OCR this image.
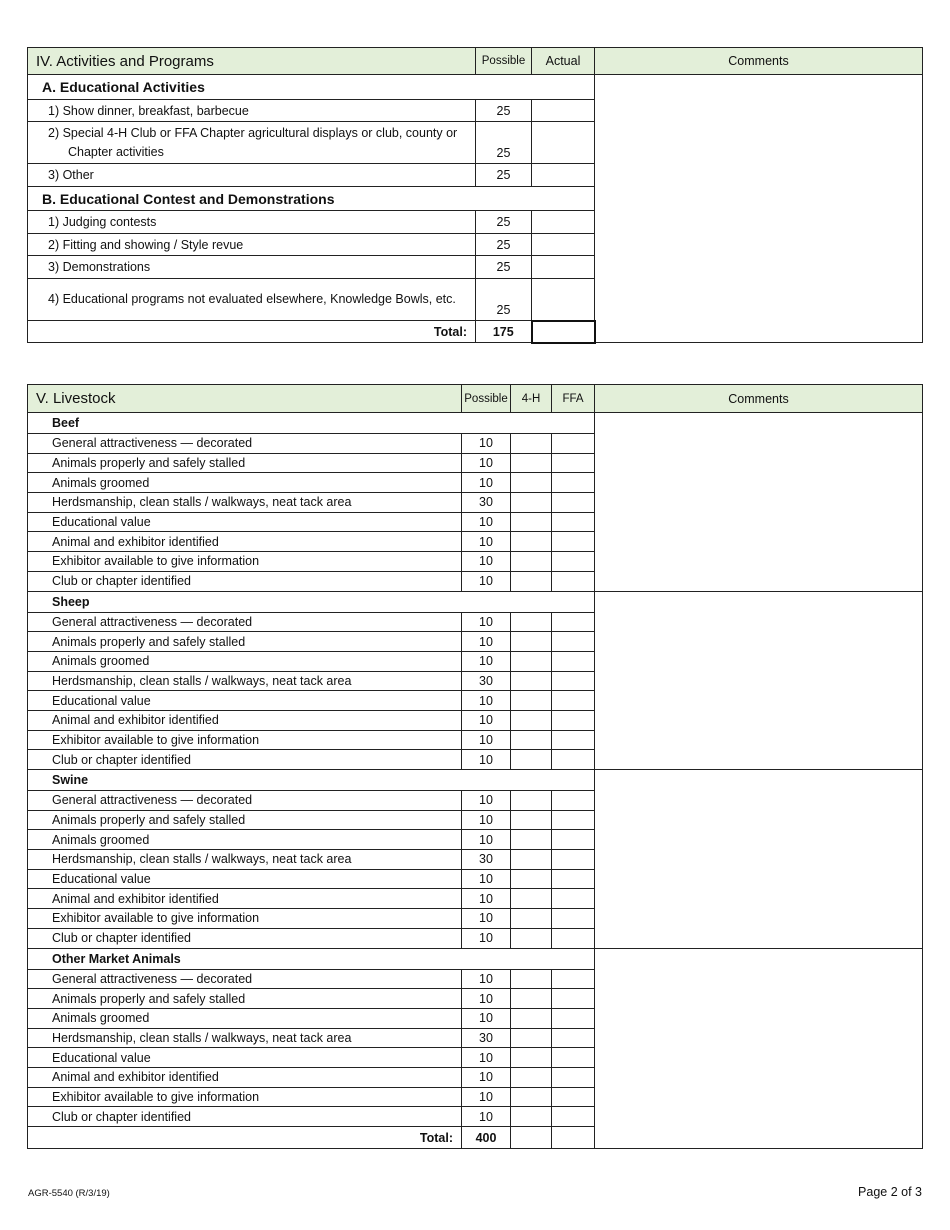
IV. Activities and Programs	Possible	Actual	Comments
A. Educational Activities			
1) Show dinner, breakfast, barbecue	25		
2) Special 4-H Club or FFA Chapter agricultural displays or club, county or Chapter activities	25		
3) Other	25		
B. Educational Contest and Demonstrations			
1) Judging contests	25		
2) Fitting and showing / Style revue	25		
3) Demonstrations	25		
4) Educational programs not evaluated elsewhere, Knowledge Bowls, etc.	25		
Total:	175		
V. Livestock	Possible	4-H	FFA	Comments
Beef				
General attractiveness — decorated	10			
Animals properly and safely stalled	10			
Animals groomed	10			
Herdsmanship, clean stalls / walkways, neat tack area	30			
Educational value	10			
Animal and exhibitor identified	10			
Exhibitor available to give information	10			
Club or chapter identified	10			
Sheep				
General attractiveness — decorated	10			
Animals properly and safely stalled	10			
Animals groomed	10			
Herdsmanship, clean stalls / walkways, neat tack area	30			
Educational value	10			
Animal and exhibitor identified	10			
Exhibitor available to give information	10			
Club or chapter identified	10			
Swine				
General attractiveness — decorated	10			
Animals properly and safely stalled	10			
Animals groomed	10			
Herdsmanship, clean stalls / walkways, neat tack area	30			
Educational value	10			
Animal and exhibitor identified	10			
Exhibitor available to give information	10			
Club or chapter identified	10			
Other Market Animals				
General attractiveness — decorated	10			
Animals properly and safely stalled	10			
Animals groomed	10			
Herdsmanship, clean stalls / walkways, neat tack area	30			
Educational value	10			
Animal and exhibitor identified	10			
Exhibitor available to give information	10			
Club or chapter identified	10			
Total:	400			
AGR-5540 (R/3/19)	Page 2 of 3
